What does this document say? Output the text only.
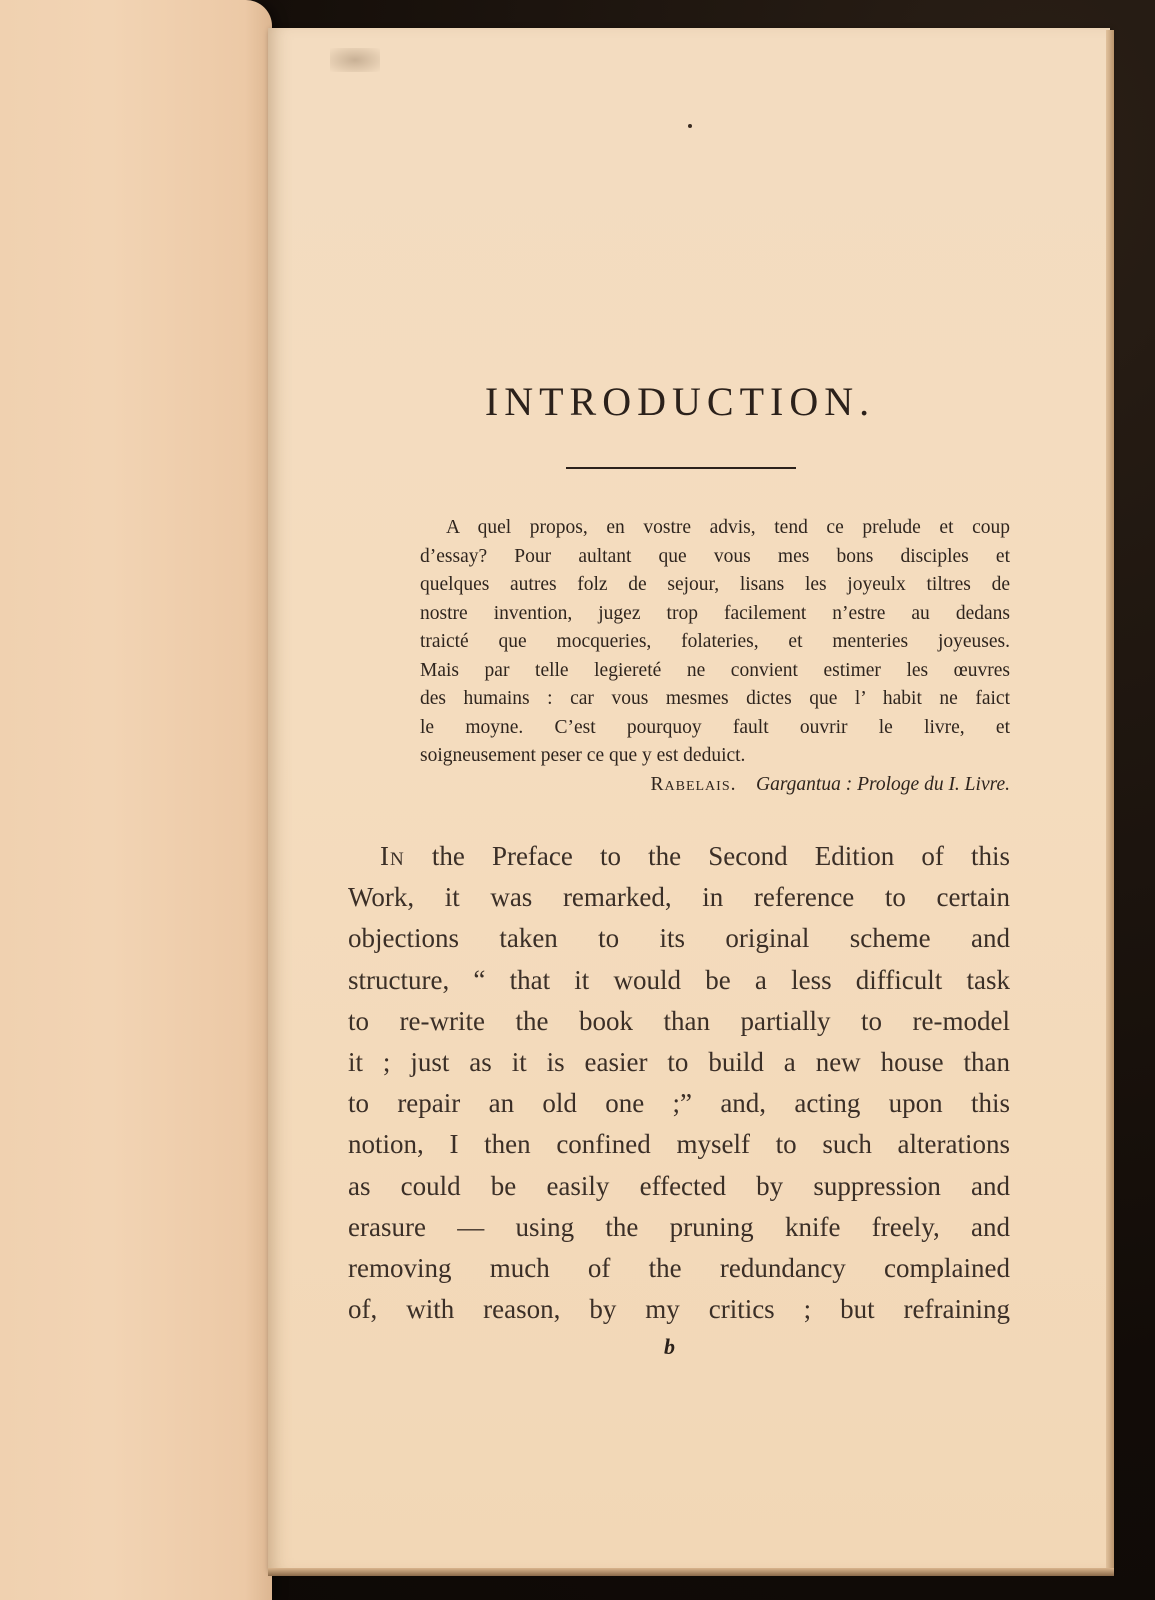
INTRODUCTION.
A quel propos, en vostre advis, tend ce prelude et coup
d’essay? Pour aultant que vous mes bons disciples et
quelques autres folz de sejour, lisans les joyeulx tiltres de
nostre invention, jugez trop facilement n’estre au dedans
traicté que mocqueries, folateries, et menteries joyeuses.
Mais par telle legiereté ne convient estimer les œuvres
des humains : car vous mesmes dictes que l’ habit ne faict
le moyne. C’est pourquoy fault ouvrir le livre, et
soigneusement peser ce que y est deduict.
Rabelais. Gargantua : Prologe du I. Livre.
In the Preface to the Second Edition of this
Work, it was remarked, in reference to certain
objections taken to its original scheme and
structure, “ that it would be a less difficult task
to re-write the book than partially to re-model
it ; just as it is easier to build a new house than
to repair an old one ;” and, acting upon this
notion, I then confined myself to such alterations
as could be easily effected by suppression and
erasure — using the pruning knife freely, and
removing much of the redundancy complained
of, with reason, by my critics ; but refraining
b
